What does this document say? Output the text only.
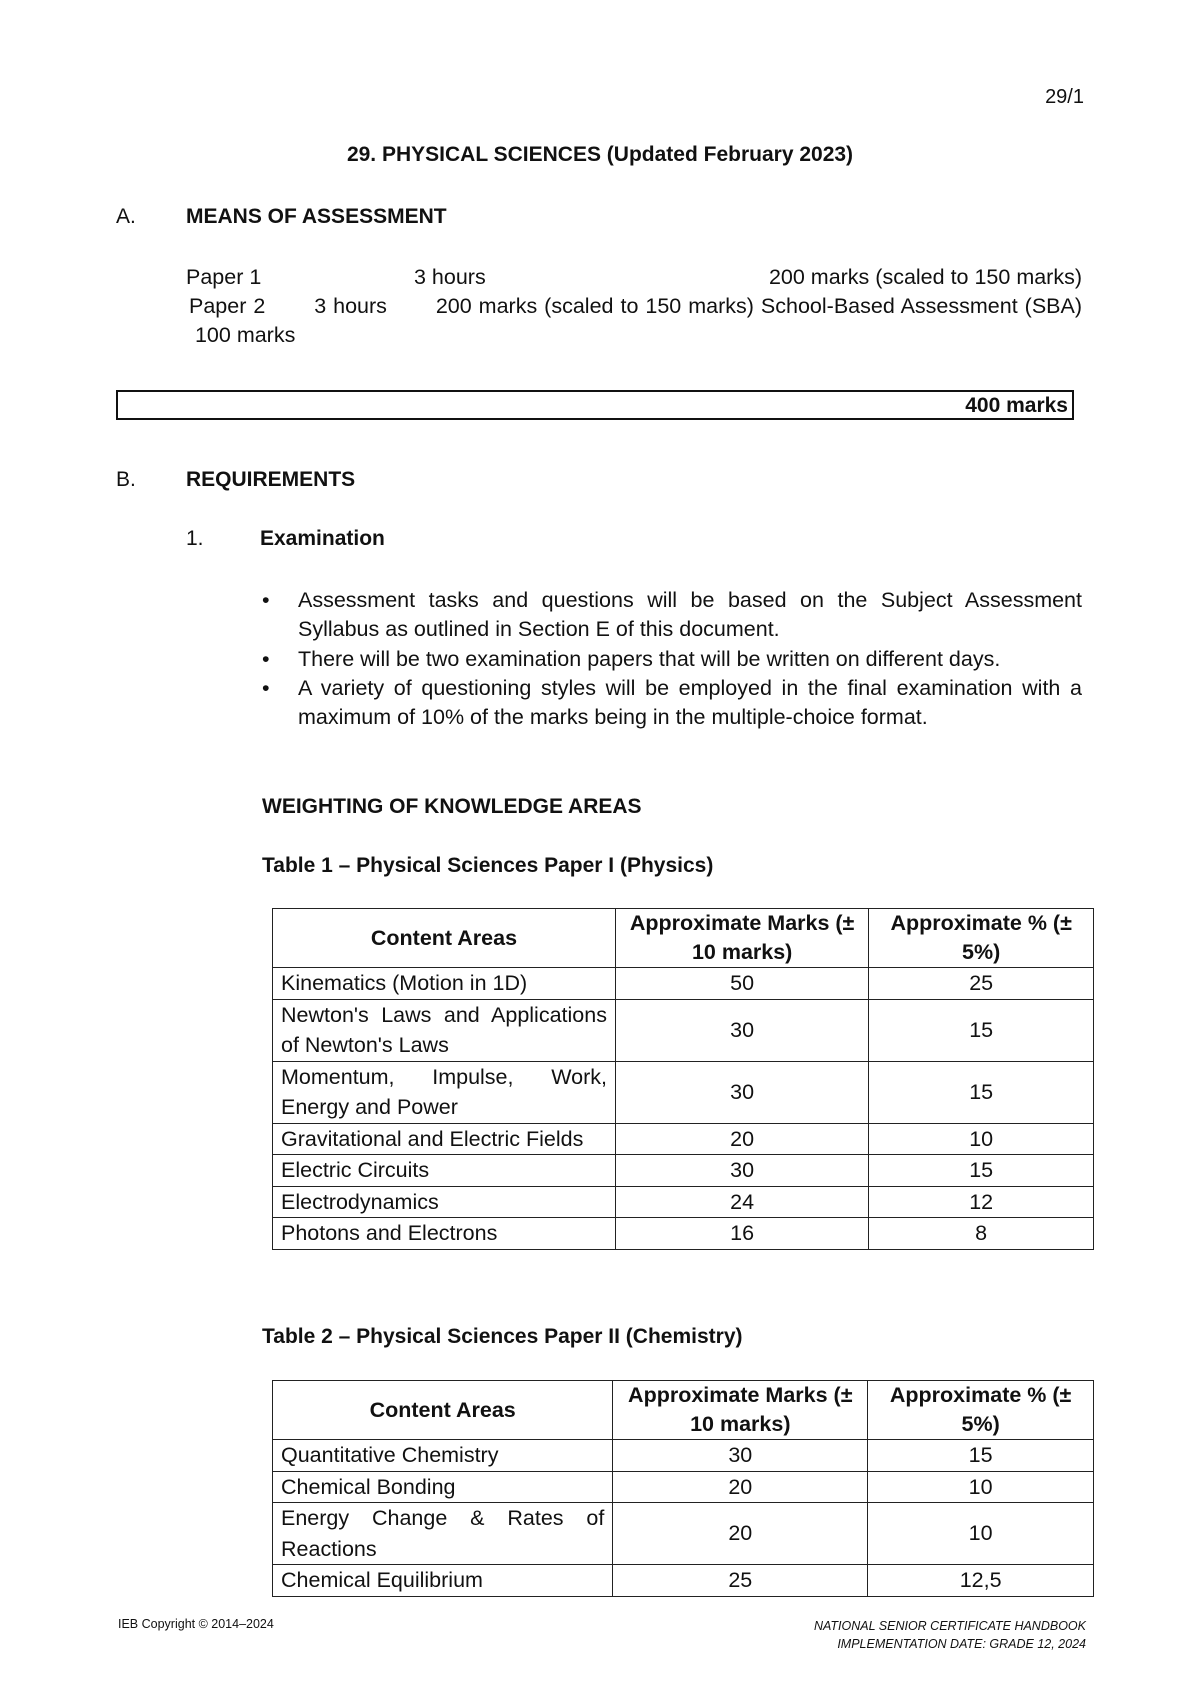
29/1
29. PHYSICAL SCIENCES (Updated February 2023)
A. MEANS OF ASSESSMENT
Paper 1	3 hours	200 marks (scaled to 150 marks)
Paper 2       3 hours       200 marks (scaled to 150 marks) School-Based Assessment (SBA)  100 marks
400 marks
B. REQUIREMENTS
1.	Examination
• Assessment tasks and questions will be based on the Subject Assessment Syllabus as outlined in Section E of this document.
• There will be two examination papers that will be written on different days.
• A variety of questioning styles will be employed in the final examination with a maximum of 10% of the marks being in the multiple-choice format.
WEIGHTING OF KNOWLEDGE AREAS
Table 1 – Physical Sciences Paper I (Physics)
Content Areas	Approximate Marks (± 10 marks)	Approximate % (± 5%)
Kinematics (Motion in 1D)	50	25
Newton's Laws and Applications of Newton's Laws	30	15
Momentum, Impulse, Work, Energy and Power	30	15
Gravitational and Electric Fields	20	10
Electric Circuits	30	15
Electrodynamics	24	12
Photons and Electrons	16	8
Table 2 – Physical Sciences Paper II (Chemistry)
Content Areas	Approximate Marks (± 10 marks)	Approximate % (± 5%)
Quantitative Chemistry	30	15
Chemical Bonding	20	10
Energy Change & Rates of Reactions	20	10
Chemical Equilibrium	25	12,5
IEB Copyright © 2014–2024	NATIONAL SENIOR CERTIFICATE HANDBOOK
IMPLEMENTATION DATE: GRADE 12, 2024
